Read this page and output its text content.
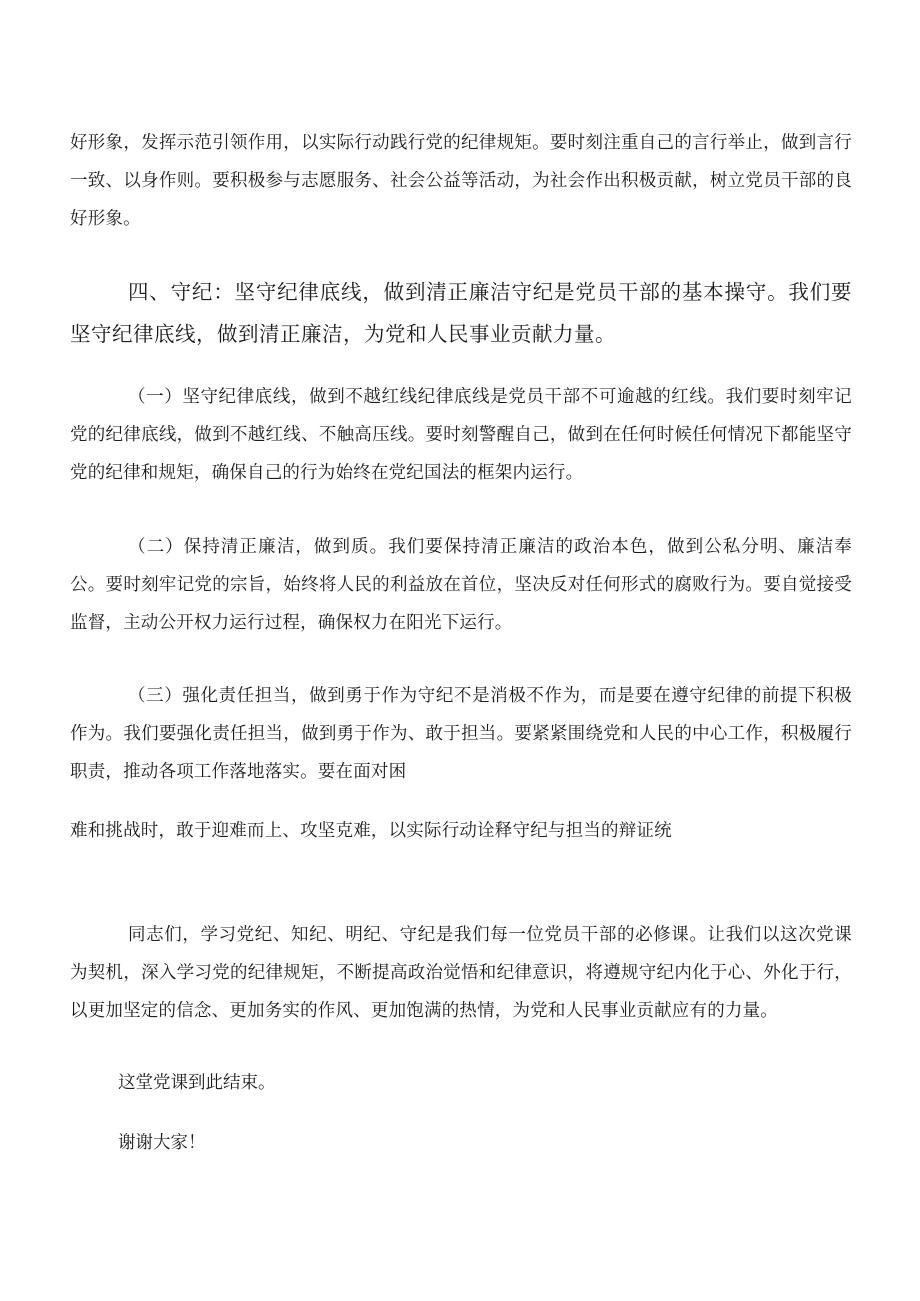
好形象，发挥示范引领作用，以实际行动践行党的纪律规矩。要时刻注重自己的言行举止，做到言行一致、以身作则。要积极参与志愿服务、社会公益等活动，为社会作出积极贡献，树立党员干部的良好形象。

四、守纪：坚守纪律底线，做到清正廉洁守纪是党员干部的基本操守。我们要坚守纪律底线，做到清正廉洁，为党和人民事业贡献力量。

（一）坚守纪律底线，做到不越红线纪律底线是党员干部不可逾越的红线。我们要时刻牢记党的纪律底线，做到不越红线、不触高压线。要时刻警醒自己，做到在任何时候任何情况下都能坚守党的纪律和规矩，确保自己的行为始终在党纪国法的框架内运行。

（二）保持清正廉洁，做到质。我们要保持清正廉洁的政治本色，做到公私分明、廉洁奉公。要时刻牢记党的宗旨，始终将人民的利益放在首位，坚决反对任何形式的腐败行为。要自觉接受监督，主动公开权力运行过程，确保权力在阳光下运行。

（三）强化责任担当，做到勇于作为守纪不是消极不作为，而是要在遵守纪律的前提下积极作为。我们要强化责任担当，做到勇于作为、敢于担当。要紧紧围绕党和人民的中心工作，积极履行职责，推动各项工作落地落实。要在面对困

难和挑战时，敢于迎难而上、攻坚克难，以实际行动诠释守纪与担当的辩证统

同志们，学习党纪、知纪、明纪、守纪是我们每一位党员干部的必修课。让我们以这次党课为契机，深入学习党的纪律规矩，不断提高政治觉悟和纪律意识，将遵规守纪内化于心、外化于行，以更加坚定的信念、更加务实的作风、更加饱满的热情，为党和人民事业贡献应有的力量。

这堂党课到此结束。

谢谢大家！
